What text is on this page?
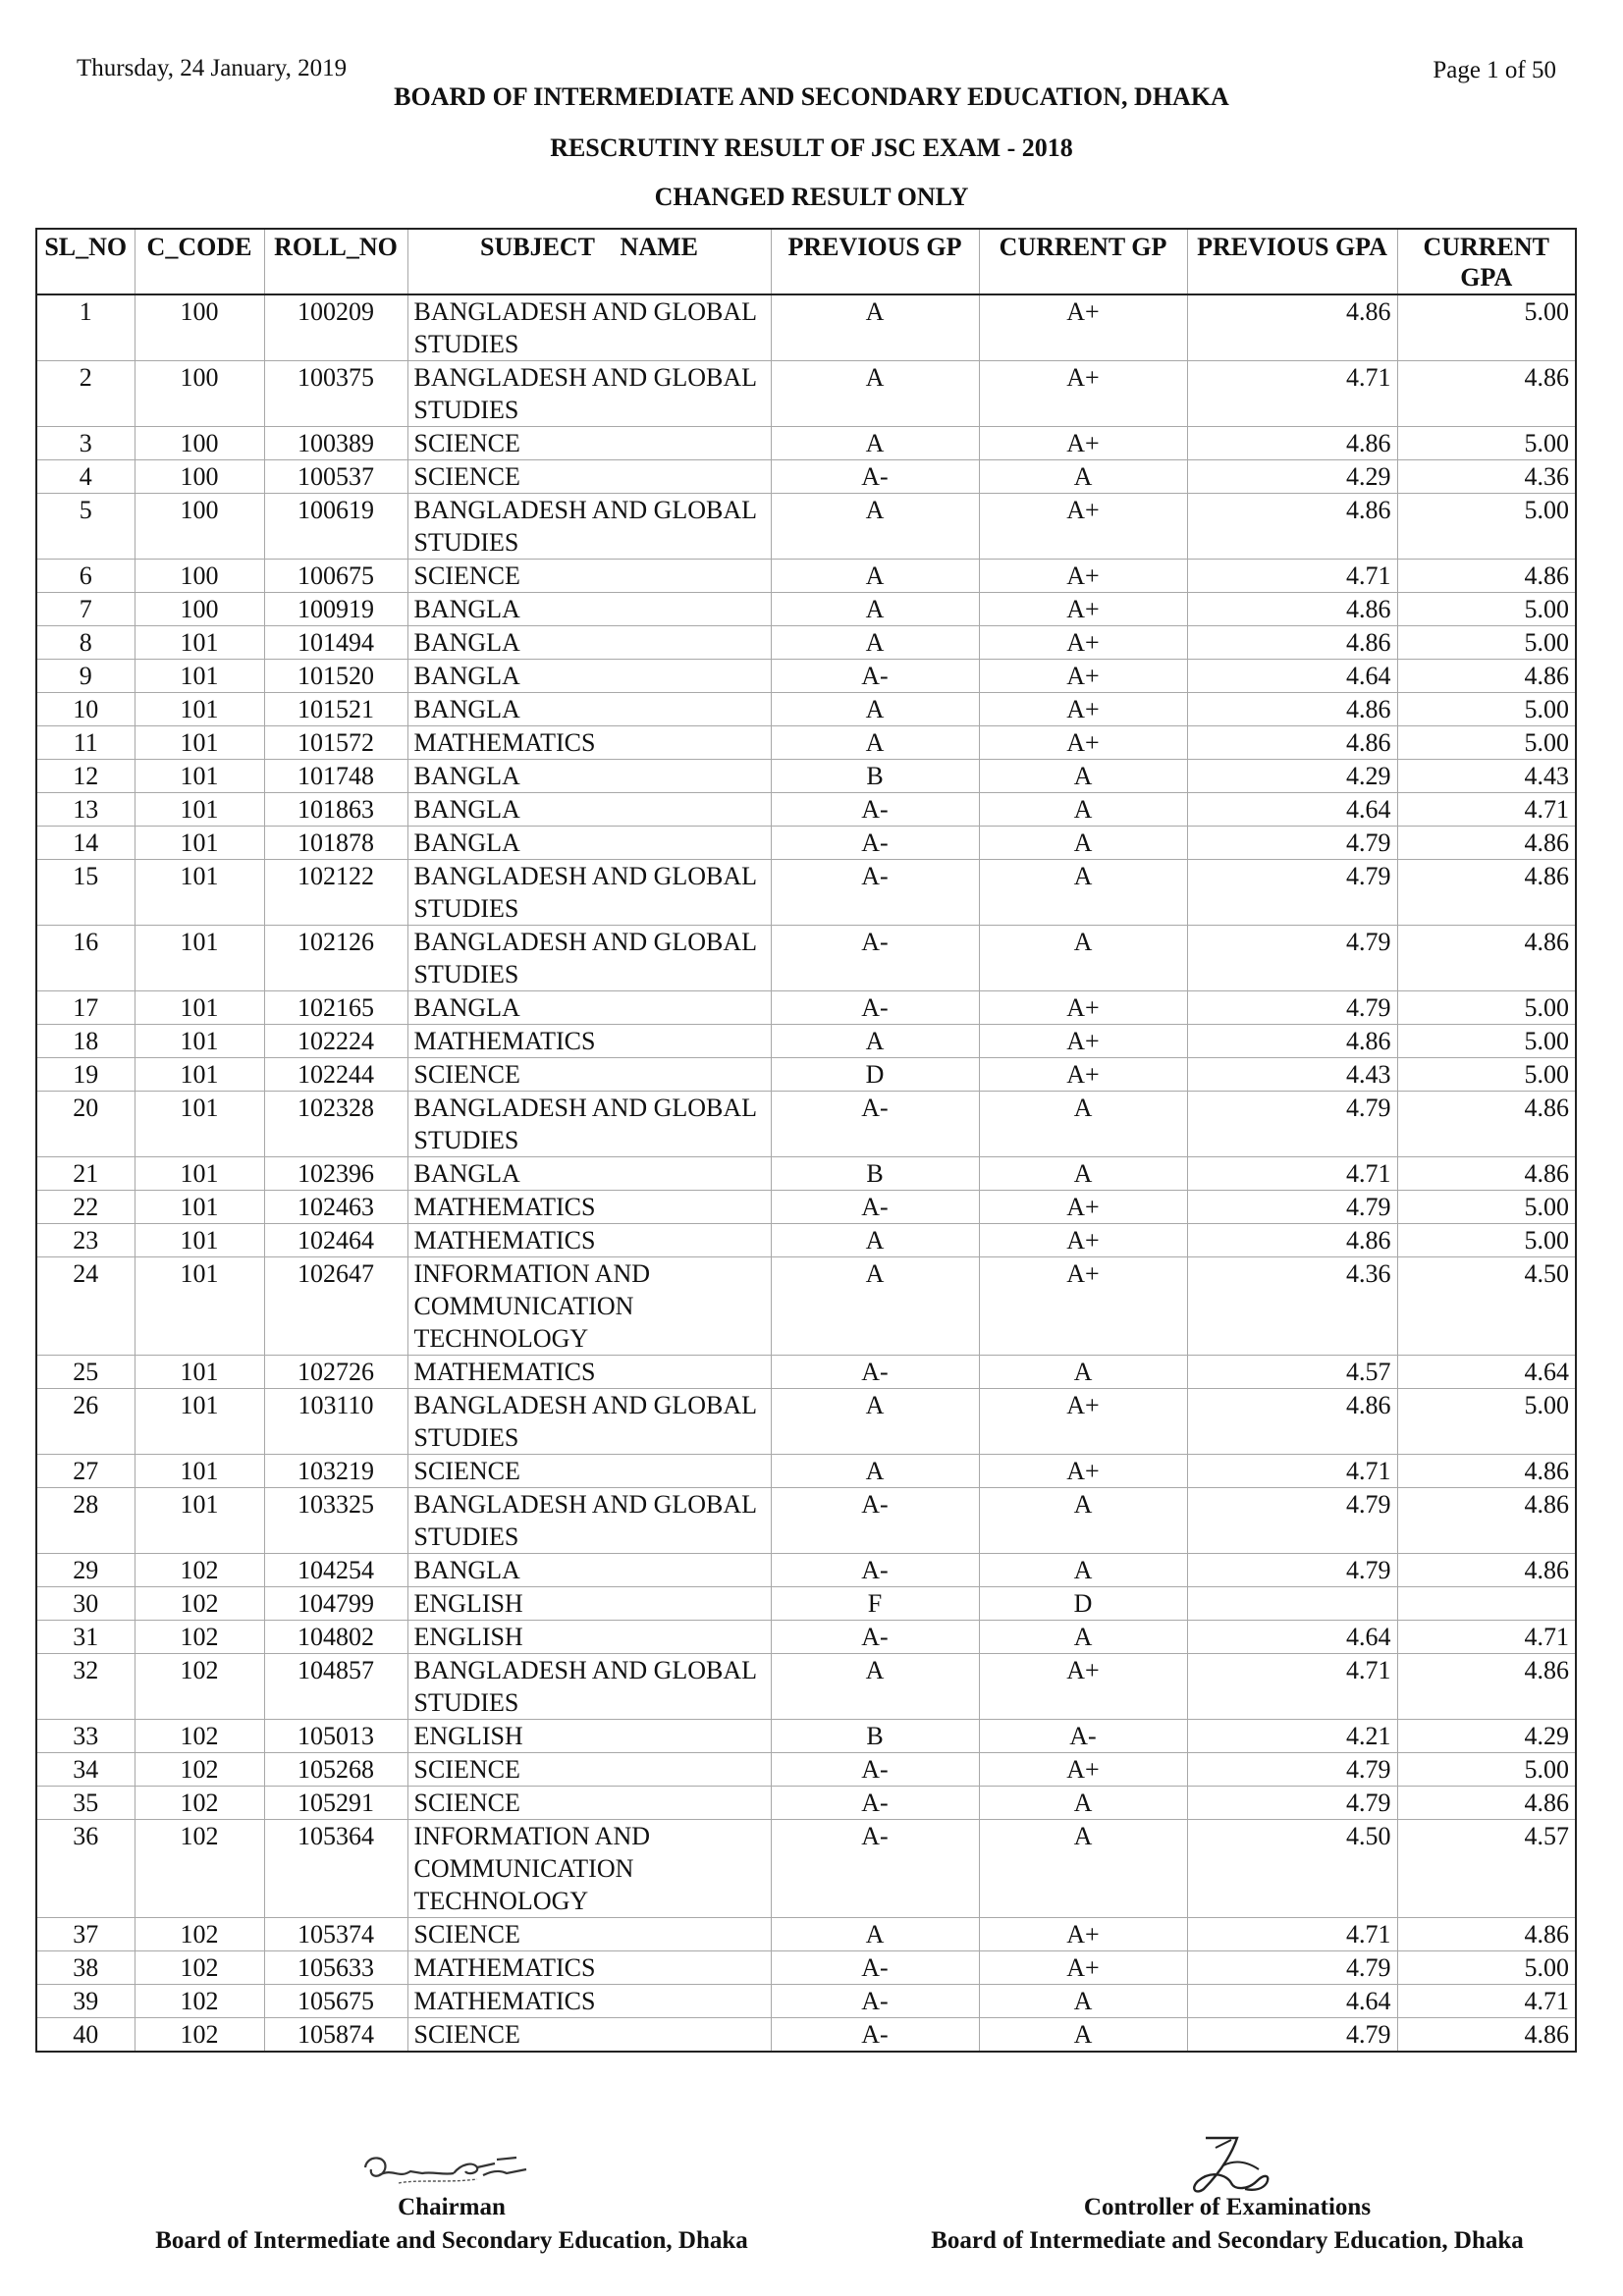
Thursday, 24 January, 2019	Page 1 of 50
BOARD OF INTERMEDIATE AND SECONDARY EDUCATION, DHAKA
RESCRUTINY RESULT OF JSC EXAM - 2018
CHANGED RESULT ONLY
SL_NO	C_CODE	ROLL_NO	SUBJECT    NAME	PREVIOUS GP	CURRENT GP	PREVIOUS GPA	CURRENT GPA
1	100	100209	BANGLADESH AND GLOBAL STUDIES	A	A+	4.86	5.00
2	100	100375	BANGLADESH AND GLOBAL STUDIES	A	A+	4.71	4.86
3	100	100389	SCIENCE	A	A+	4.86	5.00
4	100	100537	SCIENCE	A-	A	4.29	4.36
5	100	100619	BANGLADESH AND GLOBAL STUDIES	A	A+	4.86	5.00
6	100	100675	SCIENCE	A	A+	4.71	4.86
7	100	100919	BANGLA	A	A+	4.86	5.00
8	101	101494	BANGLA	A	A+	4.86	5.00
9	101	101520	BANGLA	A-	A+	4.64	4.86
10	101	101521	BANGLA	A	A+	4.86	5.00
11	101	101572	MATHEMATICS	A	A+	4.86	5.00
12	101	101748	BANGLA	B	A	4.29	4.43
13	101	101863	BANGLA	A-	A	4.64	4.71
14	101	101878	BANGLA	A-	A	4.79	4.86
15	101	102122	BANGLADESH AND GLOBAL STUDIES	A-	A	4.79	4.86
16	101	102126	BANGLADESH AND GLOBAL STUDIES	A-	A	4.79	4.86
17	101	102165	BANGLA	A-	A+	4.79	5.00
18	101	102224	MATHEMATICS	A	A+	4.86	5.00
19	101	102244	SCIENCE	D	A+	4.43	5.00
20	101	102328	BANGLADESH AND GLOBAL STUDIES	A-	A	4.79	4.86
21	101	102396	BANGLA	B	A	4.71	4.86
22	101	102463	MATHEMATICS	A-	A+	4.79	5.00
23	101	102464	MATHEMATICS	A	A+	4.86	5.00
24	101	102647	INFORMATION AND COMMUNICATION TECHNOLOGY	A	A+	4.36	4.50
25	101	102726	MATHEMATICS	A-	A	4.57	4.64
26	101	103110	BANGLADESH AND GLOBAL STUDIES	A	A+	4.86	5.00
27	101	103219	SCIENCE	A	A+	4.71	4.86
28	101	103325	BANGLADESH AND GLOBAL STUDIES	A-	A	4.79	4.86
29	102	104254	BANGLA	A-	A	4.79	4.86
30	102	104799	ENGLISH	F	D		
31	102	104802	ENGLISH	A-	A	4.64	4.71
32	102	104857	BANGLADESH AND GLOBAL STUDIES	A	A+	4.71	4.86
33	102	105013	ENGLISH	B	A-	4.21	4.29
34	102	105268	SCIENCE	A-	A+	4.79	5.00
35	102	105291	SCIENCE	A-	A	4.79	4.86
36	102	105364	INFORMATION AND COMMUNICATION TECHNOLOGY	A-	A	4.50	4.57
37	102	105374	SCIENCE	A	A+	4.71	4.86
38	102	105633	MATHEMATICS	A-	A+	4.79	5.00
39	102	105675	MATHEMATICS	A-	A	4.64	4.71
40	102	105874	SCIENCE	A-	A	4.79	4.86
Chairman
Board of Intermediate and Secondary Education, Dhaka
Controller of Examinations
Board of Intermediate and Secondary Education, Dhaka
